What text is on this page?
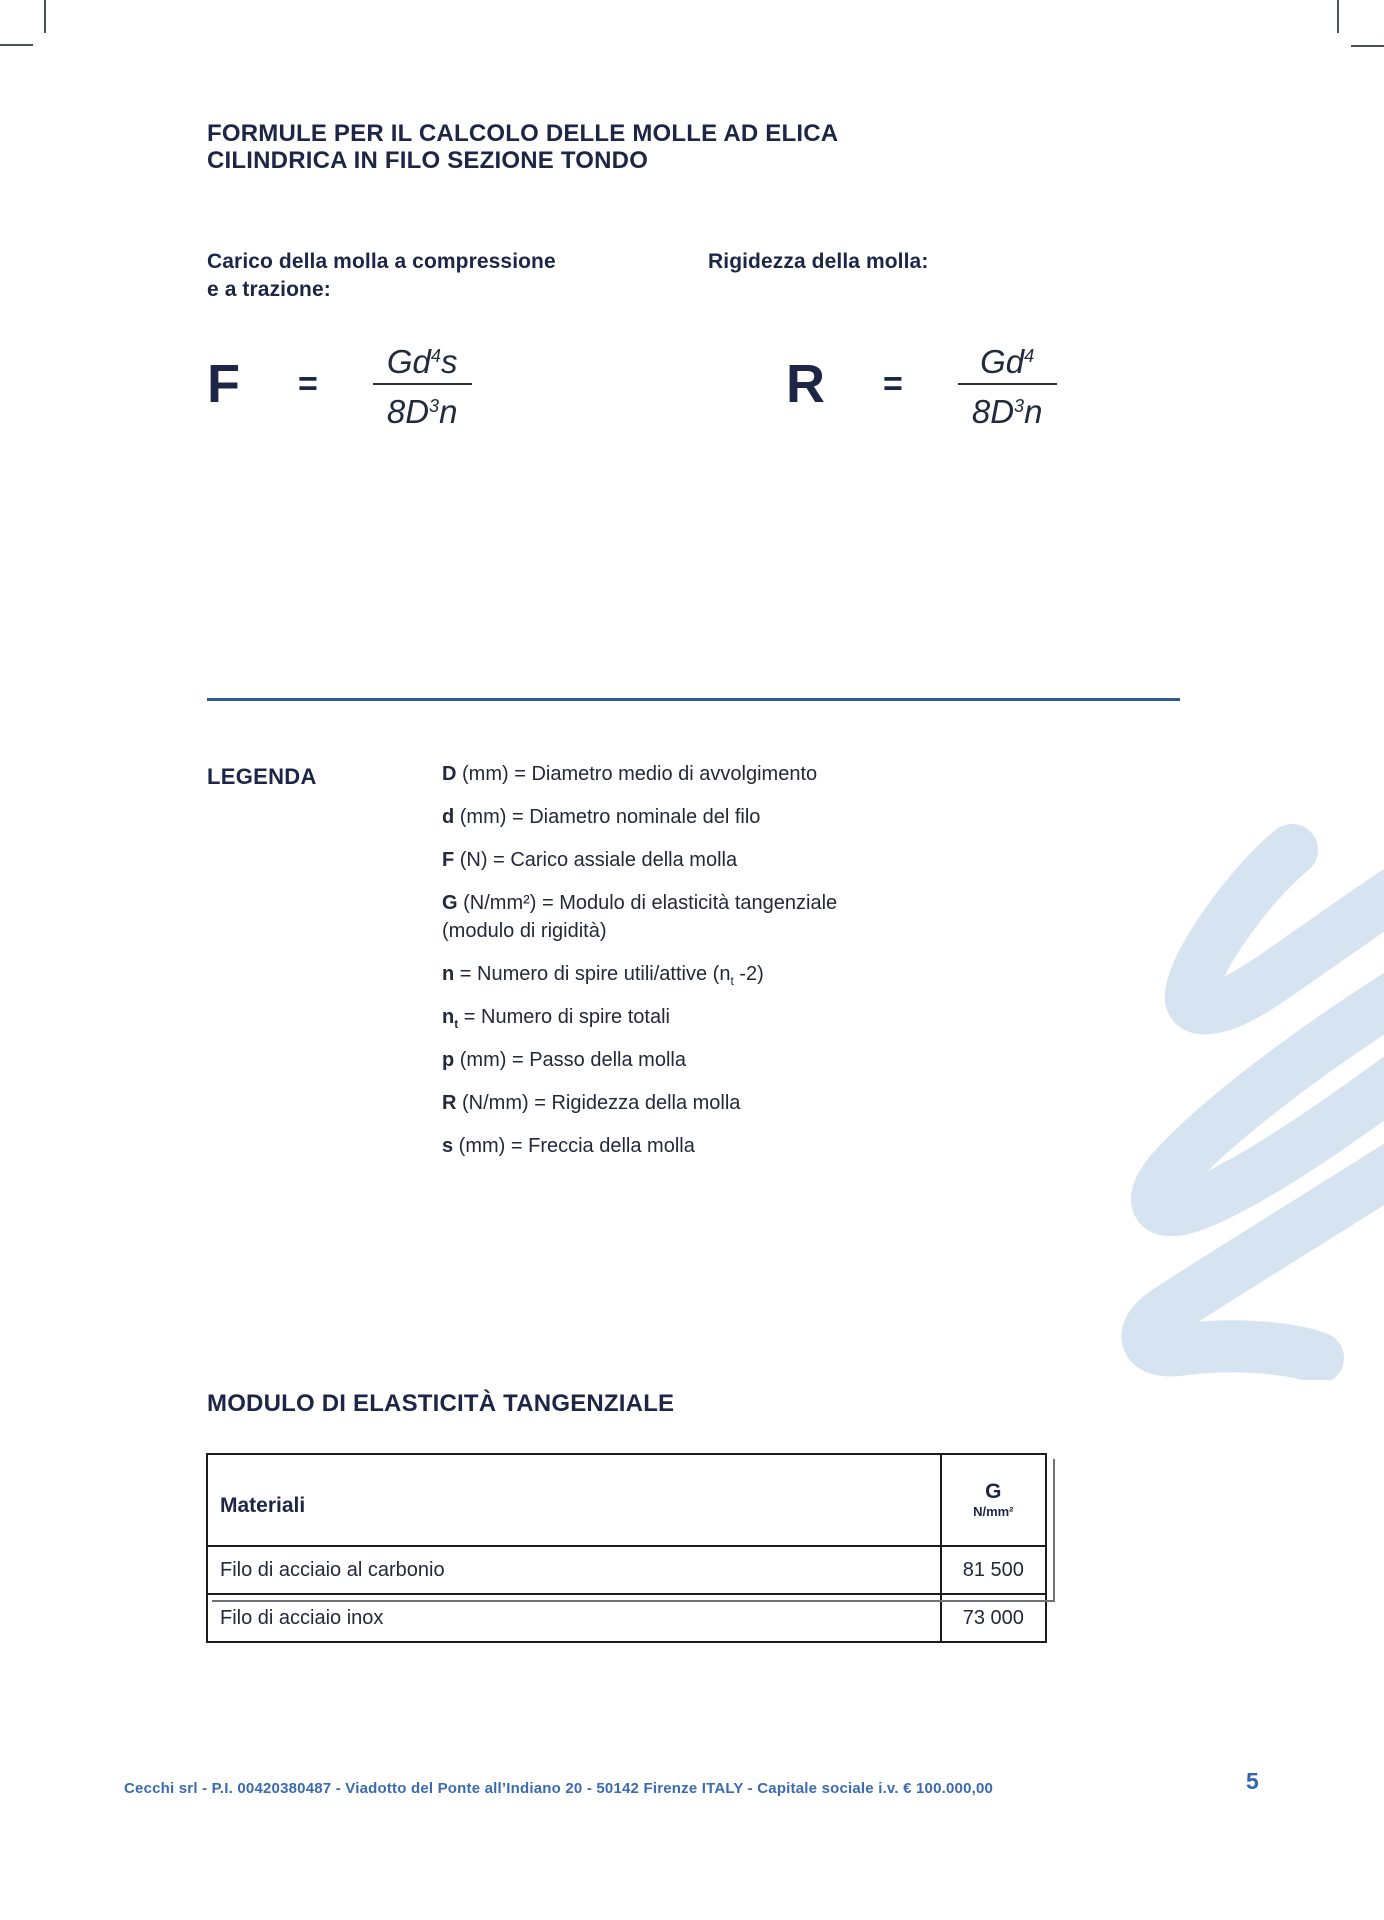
FORMULE PER IL CALCOLO DELLE MOLLE AD ELICA
CILINDRICA IN FILO SEZIONE TONDO
Carico della molla a compressione
e a trazione:
Rigidezza della molla:
$F = \frac{Gd^4s}{8D^3n}$	$R = \frac{Gd^4}{8D^3n}$
LEGENDA	D (mm) = Diametro medio di avvolgimento

d (mm) = Diametro nominale del filo

F (N) = Carico assiale della molla

G (N/mm²) = Modulo di elasticità tangenziale
(modulo di rigidità)

n = Numero di spire utili/attive ($n_t$ -2)

$n_t$ = Numero di spire totali

p (mm) = Passo della molla

R (N/mm) = Rigidezza della molla

s (mm) = Freccia della molla

MODULO DI ELASTICITÀ TANGENZIALE
Materiali	G
N/mm²

Filo di acciaio al carbonio	81 500
Filo di acciaio inox	73 000
Cecchi srl - P.I. 00420380487 - Viadotto del Ponte all’Indiano 20 - 50142 Firenze ITALY - Capitale sociale i.v. € 100.000,00	5
